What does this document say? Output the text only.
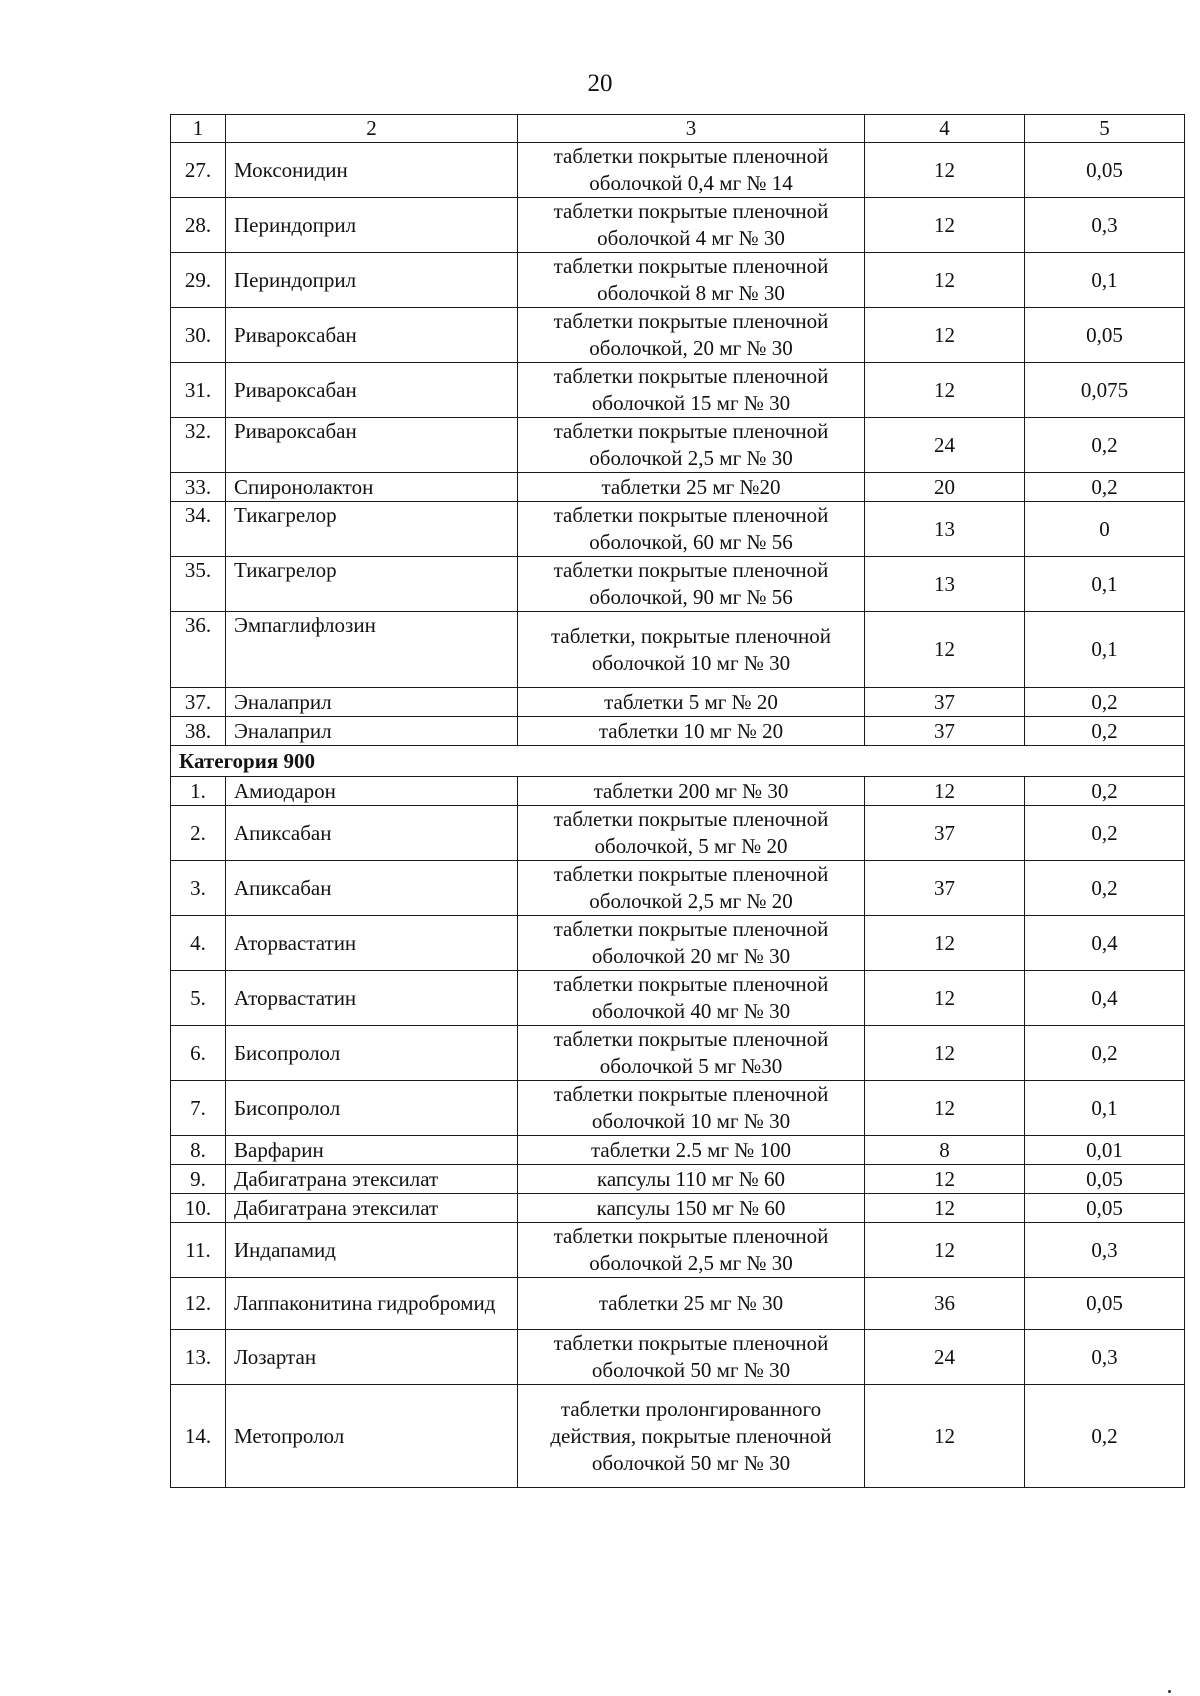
20
1	2	3	4	5
27.	Моксонидин	таблетки покрытые пленочной оболочкой 0,4 мг № 14	12	0,05
28.	Периндоприл	таблетки покрытые пленочной оболочкой 4 мг № 30	12	0,3
29.	Периндоприл	таблетки покрытые пленочной оболочкой 8 мг № 30	12	0,1
30.	Ривароксабан	таблетки покрытые пленочной оболочкой, 20 мг № 30	12	0,05
31.	Ривароксабан	таблетки покрытые пленочной оболочкой 15 мг № 30	12	0,075
32.	Ривароксабан	таблетки покрытые пленочной оболочкой 2,5 мг № 30	24	0,2
33.	Спиронолактон	таблетки 25 мг №20	20	0,2
34.	Тикагрелор	таблетки покрытые пленочной оболочкой, 60 мг № 56	13	0
35.	Тикагрелор	таблетки покрытые пленочной оболочкой, 90 мг № 56	13	0,1
36.	Эмпаглифлозин	таблетки, покрытые пленочной оболочкой 10 мг № 30	12	0,1
37.	Эналаприл	таблетки 5 мг № 20	37	0,2
38.	Эналаприл	таблетки 10 мг № 20	37	0,2
Категория 900				
1.	Амиодарон	таблетки 200 мг № 30	12	0,2
2.	Апиксабан	таблетки покрытые пленочной оболочкой, 5 мг № 20	37	0,2
3.	Апиксабан	таблетки покрытые пленочной оболочкой 2,5 мг № 20	37	0,2
4.	Аторвастатин	таблетки покрытые пленочной оболочкой 20 мг № 30	12	0,4
5.	Аторвастатин	таблетки покрытые пленочной оболочкой 40 мг № 30	12	0,4
6.	Бисопролол	таблетки покрытые пленочной оболочкой 5 мг №30	12	0,2
7.	Бисопролол	таблетки покрытые пленочной оболочкой 10 мг № 30	12	0,1
8.	Варфарин	таблетки 2.5 мг № 100	8	0,01
9.	Дабигатрана этексилат	капсулы 110 мг № 60	12	0,05
10.	Дабигатрана этексилат	капсулы 150 мг № 60	12	0,05
11.	Индапамид	таблетки покрытые пленочной оболочкой 2,5 мг № 30	12	0,3
12.	Лаппаконитина гидробромид	таблетки 25 мг № 30	36	0,05
13.	Лозартан	таблетки покрытые пленочной оболочкой 50 мг № 30	24	0,3
14.	Метопролол	таблетки пролонгированного действия, покрытые пленочной оболочкой 50 мг № 30	12	0,2
